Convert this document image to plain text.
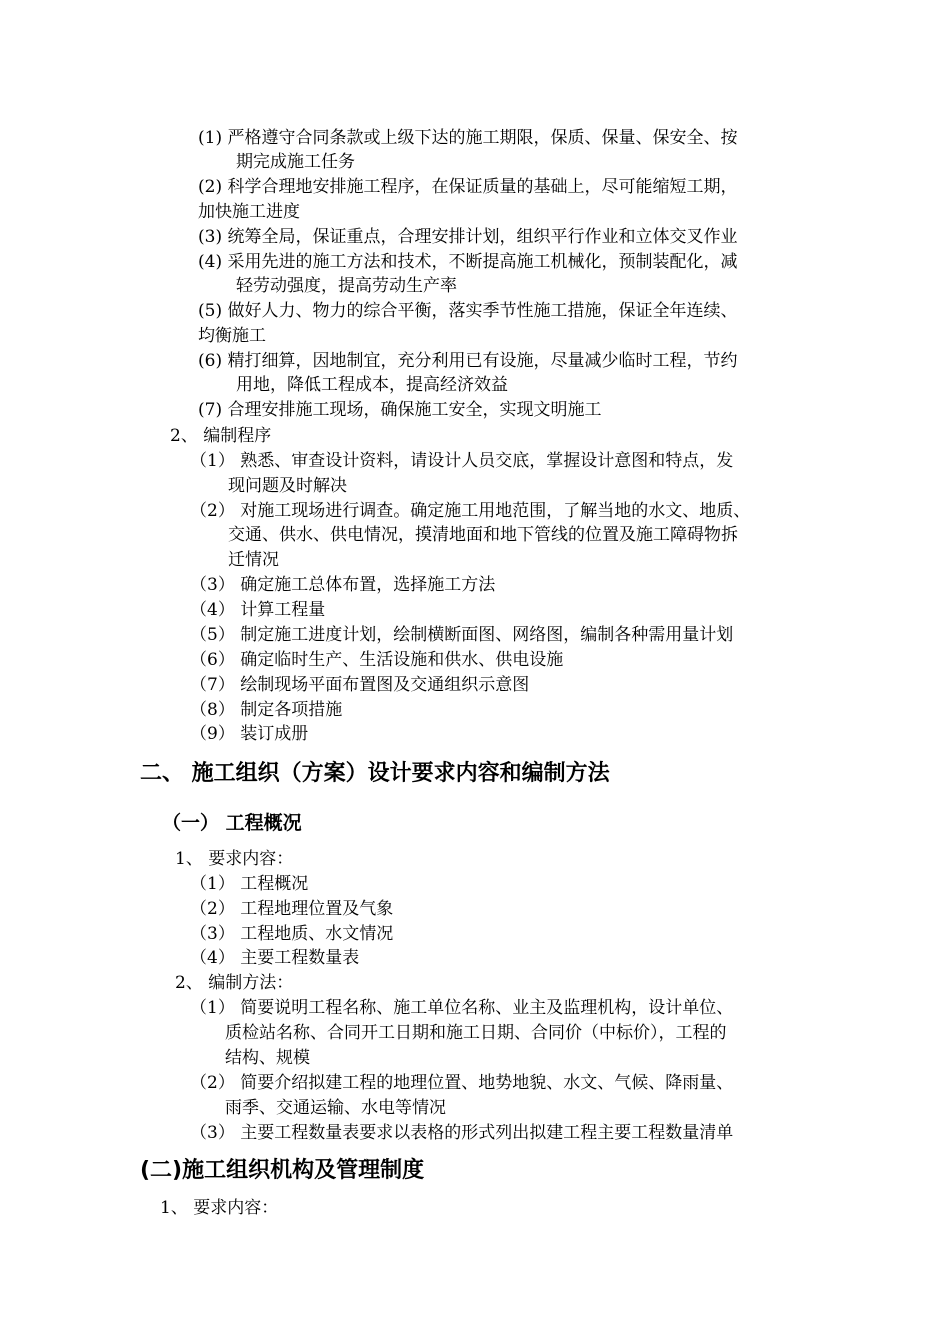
(1) 严格遵守合同条款或上级下达的施工期限，保质、保量、保安全、按
期完成施工任务
(2) 科学合理地安排施工程序，在保证质量的基础上，尽可能缩短工期，
加快施工进度
(3) 统筹全局，保证重点，合理安排计划，组织平行作业和立体交叉作业
(4) 采用先进的施工方法和技术，不断提高施工机械化，预制装配化，减
轻劳动强度，提高劳动生产率
(5) 做好人力、物力的综合平衡，落实季节性施工措施，保证全年连续、
均衡施工
(6) 精打细算，因地制宜，充分利用已有设施，尽量减少临时工程，节约
用地，降低工程成本，提高经济效益
(7) 合理安排施工现场，确保施工安全，实现文明施工
2、 编制程序
（1） 熟悉、审查设计资料，请设计人员交底，掌握设计意图和特点，发
现问题及时解决
（2） 对施工现场进行调查。确定施工用地范围，了解当地的水文、地质、
交通、供水、供电情况，摸清地面和地下管线的位置及施工障碍物拆
迁情况
（3） 确定施工总体布置，选择施工方法
（4） 计算工程量
（5） 制定施工进度计划，绘制横断面图、网络图，编制各种需用量计划
（6） 确定临时生产、生活设施和供水、供电设施
（7） 绘制现场平面布置图及交通组织示意图
（8） 制定各项措施
（9） 装订成册
二、 施工组织（方案）设计要求内容和编制方法
（一） 工程概况
1、 要求内容：
（1） 工程概况
（2） 工程地理位置及气象
（3） 工程地质、水文情况
（4） 主要工程数量表
2、 编制方法：
（1） 简要说明工程名称、施工单位名称、业主及监理机构，设计单位、
质检站名称、合同开工日期和施工日期、合同价（中标价），工程的
结构、规模
（2） 简要介绍拟建工程的地理位置、地势地貌、水文、气候、降雨量、
雨季、交通运输、水电等情况
（3） 主要工程数量表要求以表格的形式列出拟建工程主要工程数量清单
(二)施工组织机构及管理制度
1、 要求内容：
